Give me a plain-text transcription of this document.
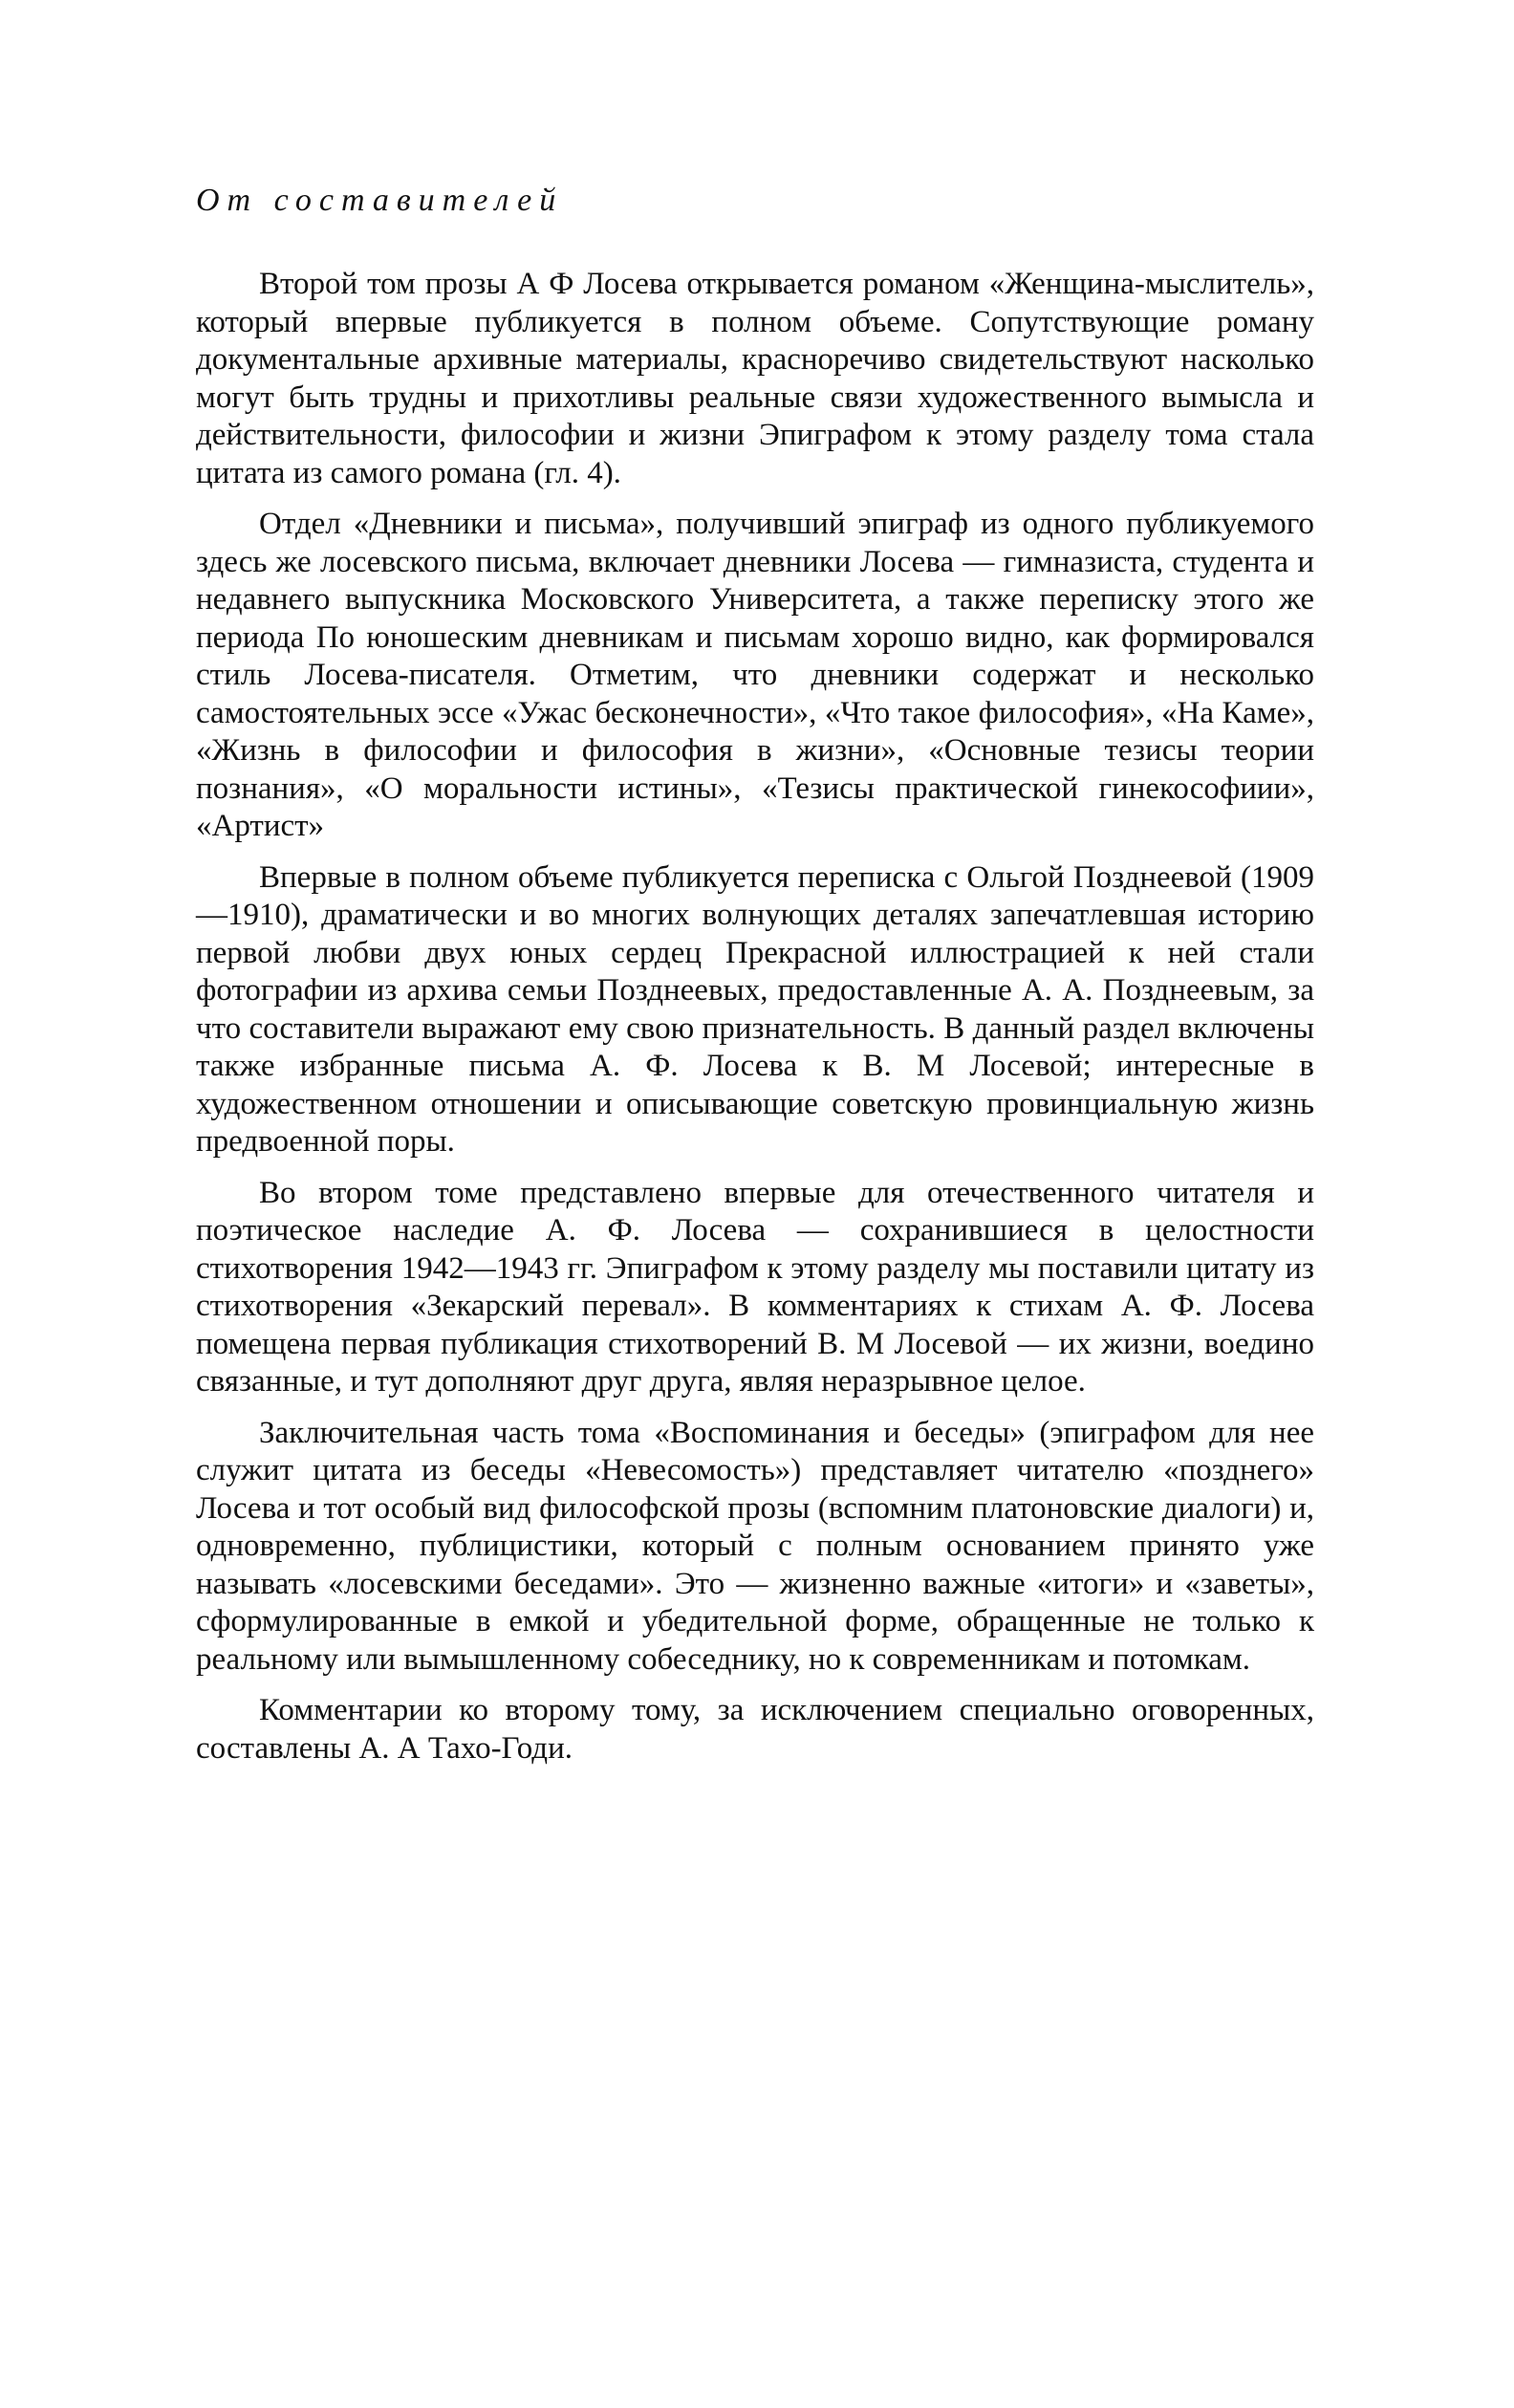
От составителей

Второй том прозы А Ф Лосева открывается романом «Женщина-мыслитель», который впервые публикуется в полном объеме. Сопутствующие роману документальные архивные материалы, красноречиво свидетельствуют насколько могут быть трудны и прихотливы реальные связи художественного вымысла и действительности, философии и жизни Эпиграфом к этому разделу тома стала цитата из самого романа (гл. 4).

Отдел «Дневники и письма», получивший эпиграф из одного публикуемого здесь же лосевского письма, включает дневники Лосева — гимназиста, студента и недавнего выпускника Московского Университета, а также переписку этого же периода По юношеским дневникам и письмам хорошо видно, как формировался стиль Лосева-писателя. Отметим, что дневники содержат и несколько самостоятельных эссе «Ужас бесконечности», «Что такое философия», «На Каме», «Жизнь в философии и философия в жизни», «Основные тезисы теории познания», «О моральности истины», «Тезисы практической гинекософиии», «Артист»

Впервые в полном объеме публикуется переписка с Ольгой Позднеевой (1909—1910), драматически и во многих волнующих деталях запечатлевшая историю первой любви двух юных сердец Прекрасной иллюстрацией к ней стали фотографии из архива семьи Позднеевых, предоставленные А. А. Позднеевым, за что составители выражают ему свою признательность. В данный раздел включены также избранные письма А. Ф. Лосева к В. М Лосевой; интересные в художественном отношении и описывающие советскую провинциальную жизнь предвоенной поры.

Во втором томе представлено впервые для отечественного читателя и поэтическое наследие А. Ф. Лосева — сохранившиеся в целостности стихотворения 1942—1943 гг. Эпиграфом к этому разделу мы поставили цитату из стихотворения «Зекарский перевал». В комментариях к стихам А. Ф. Лосева помещена первая публикация стихотворений В. М Лосевой — их жизни, воедино связанные, и тут дополняют друг друга, являя неразрывное целое.

Заключительная часть тома «Воспоминания и беседы» (эпиграфом для нее служит цитата из беседы «Невесомость») представляет читателю «позднего» Лосева и тот особый вид философской прозы (вспомним платоновские диалоги) и, одновременно, публицистики, который с полным основанием принято уже называть «лосевскими беседами». Это — жизненно важные «итоги» и «заветы», сформулированные в емкой и убедительной форме, обращенные не только к реальному или вымышленному собеседнику, но к современникам и потомкам.

Комментарии ко второму тому, за исключением специально оговоренных, составлены А. А Тахо-Годи.
